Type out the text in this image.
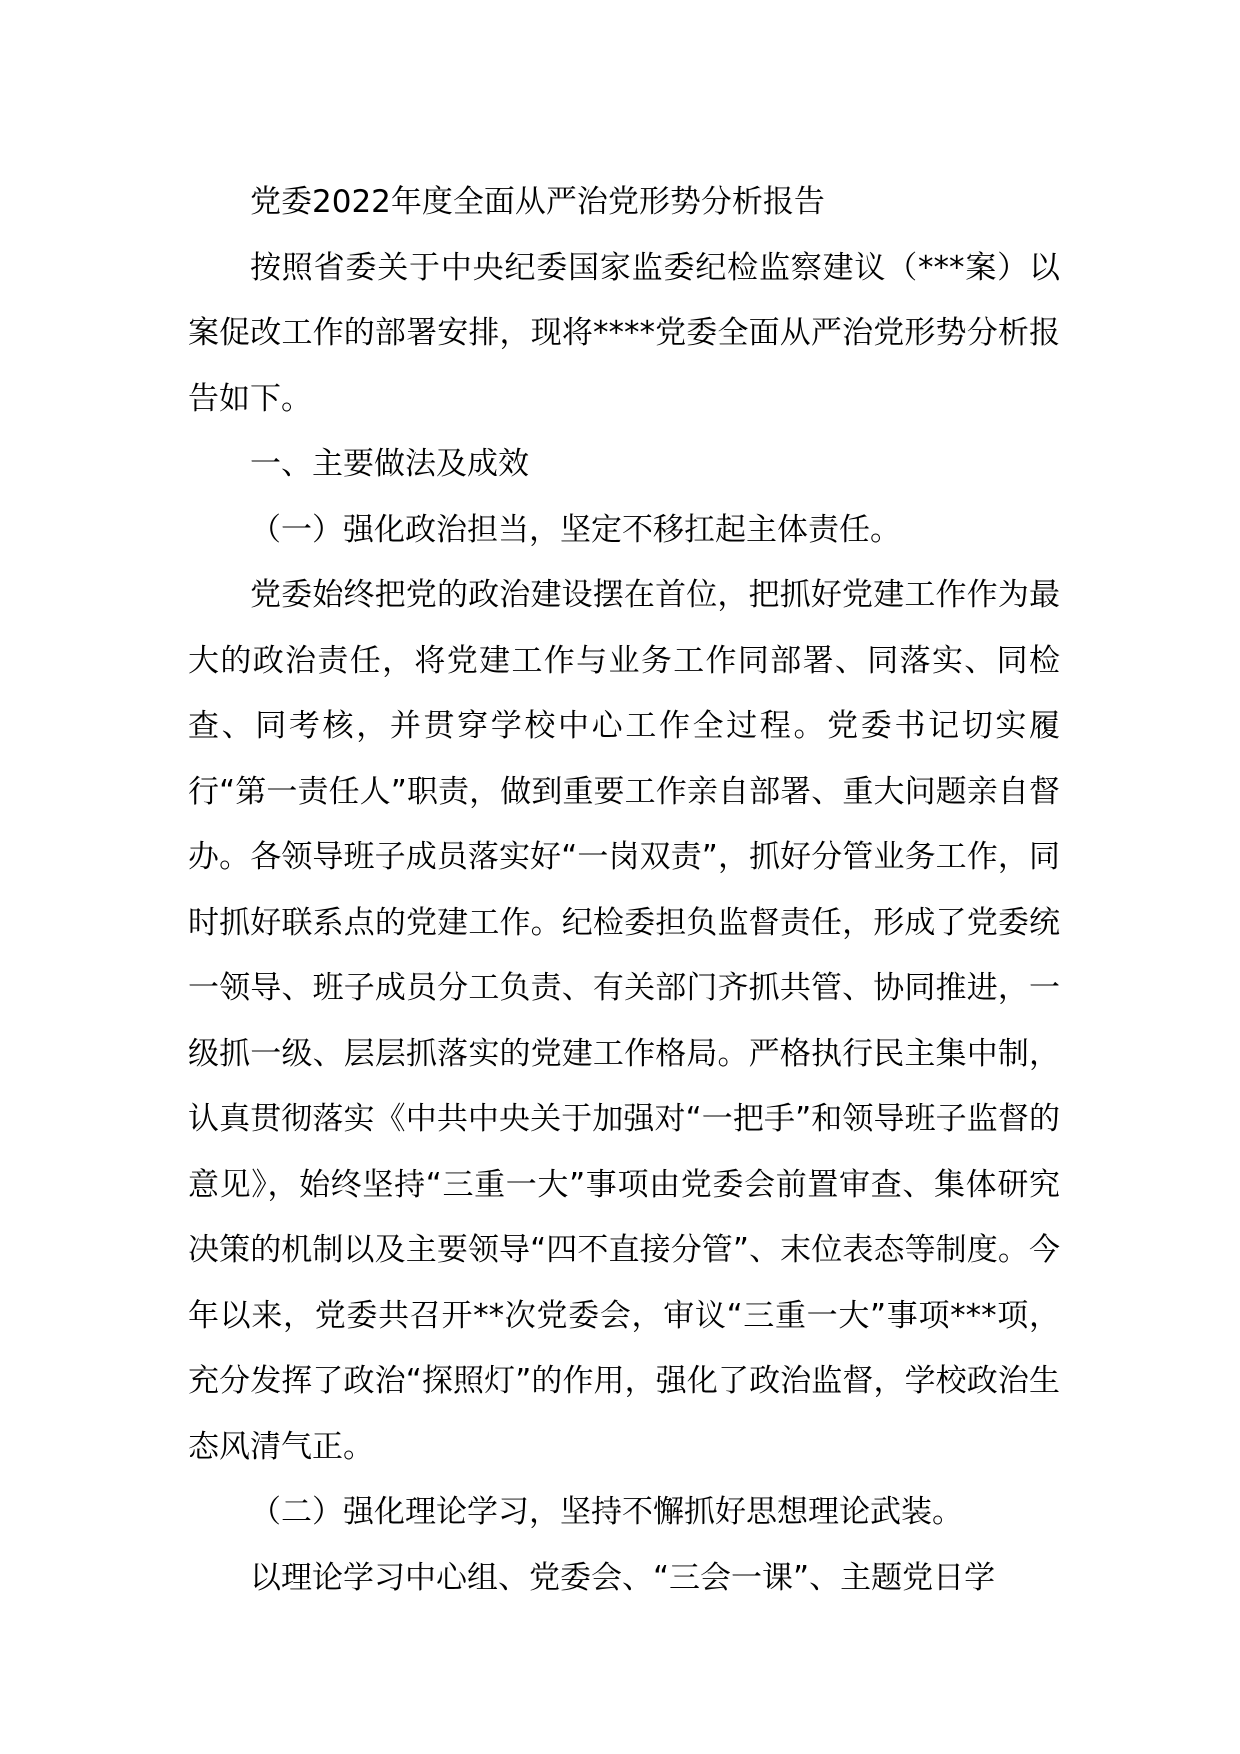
党委2022年度全面从严治党形势分析报告

按照省委关于中央纪委国家监委纪检监察建议（***案）以案促改工作的部署安排，现将****党委全面从严治党形势分析报告如下。

一、主要做法及成效

（一）强化政治担当，坚定不移扛起主体责任。

党委始终把党的政治建设摆在首位，把抓好党建工作作为最大的政治责任，将党建工作与业务工作同部署、同落实、同检查、同考核，并贯穿学校中心工作全过程。党委书记切实履行“第一责任人”职责，做到重要工作亲自部署、重大问题亲自督办。各领导班子成员落实好“一岗双责”，抓好分管业务工作，同时抓好联系点的党建工作。纪检委担负监督责任，形成了党委统一领导、班子成员分工负责、有关部门齐抓共管、协同推进，一级抓一级、层层抓落实的党建工作格局。严格执行民主集中制，认真贯彻落实《中共中央关于加强对“一把手”和领导班子监督的意见》，始终坚持“三重一大”事项由党委会前置审查、集体研究决策的机制以及主要领导“四不直接分管”、末位表态等制度。今年以来，党委共召开**次党委会，审议“三重一大”事项***项，充分发挥了政治“探照灯”的作用，强化了政治监督，学校政治生态风清气正。

（二）强化理论学习，坚持不懈抓好思想理论武装。

以理论学习中心组、党委会、“三会一课”、主题党日学
